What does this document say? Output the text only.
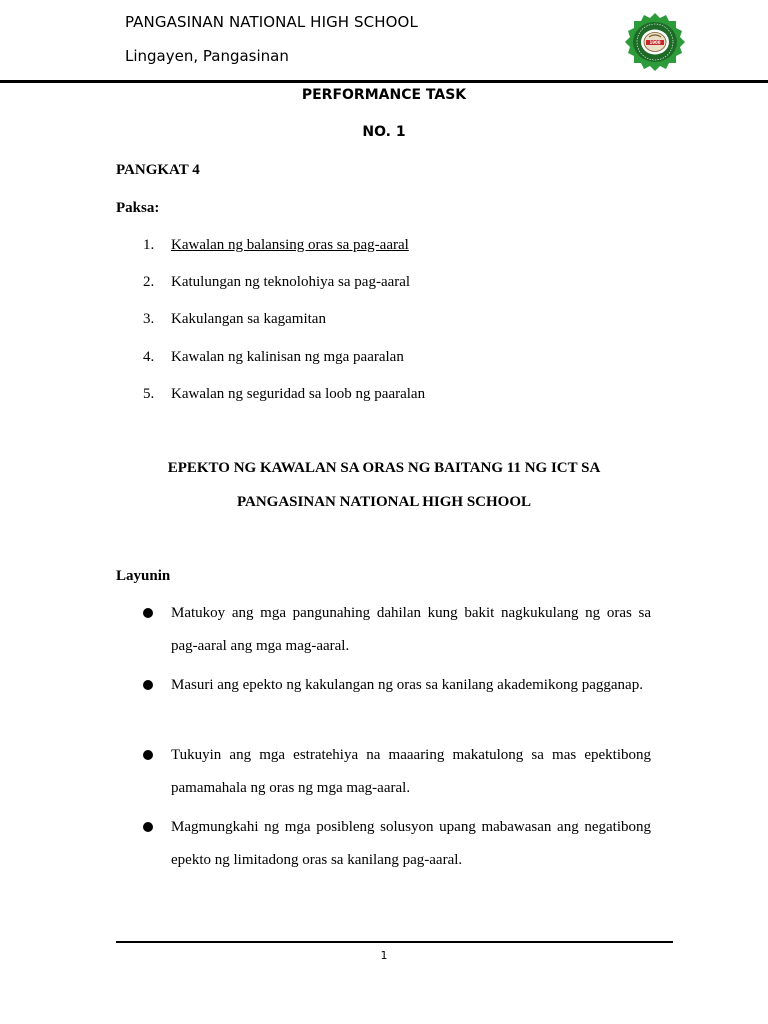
PANGASINAN NATIONAL HIGH SCHOOL
Lingayen, Pangasinan
1900
PERFORMANCE TASK
NO. 1
PANGKAT 4
Paksa:
1. Kawalan ng balansing oras sa pag-aaral
2. Katulungan ng teknolohiya sa pag-aaral
3. Kakulangan sa kagamitan
4. Kawalan ng kalinisan ng mga paaralan
5. Kawalan ng seguridad sa loob ng paaralan
EPEKTO NG KAWALAN SA ORAS NG BAITANG 11 NG ICT SA
PANGASINAN NATIONAL HIGH SCHOOL
Layunin
Matukoy ang mga pangunahing dahilan kung bakit nagkukulang ng oras sa pag-aaral ang mga mag-aaral.
Masuri ang epekto ng kakulangan ng oras sa kanilang akademikong pagganap.
Tukuyin ang mga estratehiya na maaaring makatulong sa mas epektibong pamamahala ng oras ng mga mag-aaral.
Magmungkahi ng mga posibleng solusyon upang mabawasan ang negatibong epekto ng limitadong oras sa kanilang pag-aaral.
1
